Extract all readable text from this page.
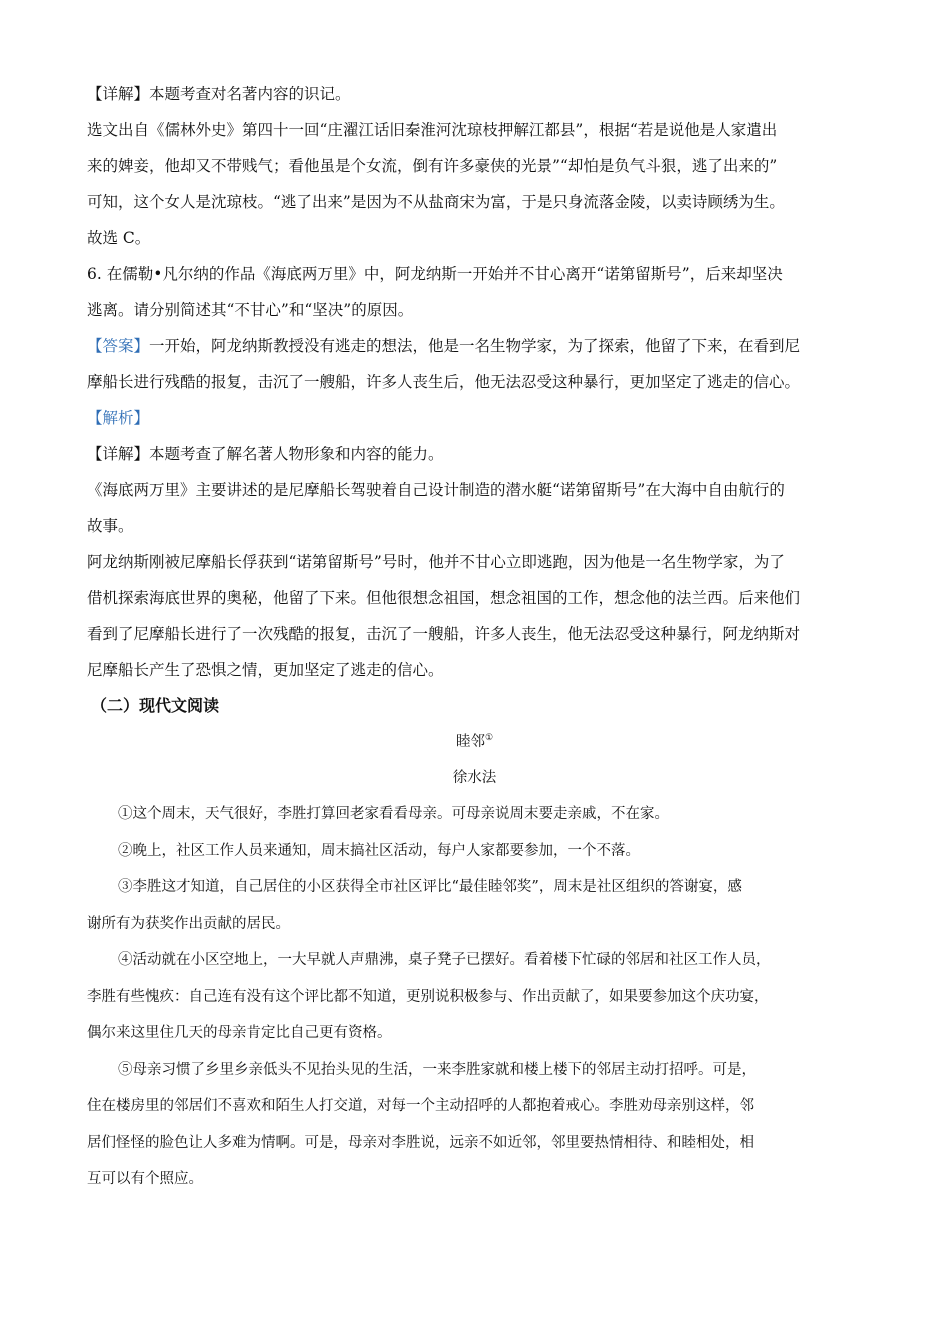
【详解】本题考查对名著内容的识记。
选文出自《儒林外史》第四十一回“庄濯江话旧秦淮河沈琼枝押解江都县”，根据“若是说他是人家遣出
来的婢妾，他却又不带贱气；看他虽是个女流，倒有许多豪侠的光景”“却怕是负气斗狠，逃了出来的”
可知，这个女人是沈琼枝。“逃了出来”是因为不从盐商宋为富，于是只身流落金陵，以卖诗顾绣为生。
故选 C。
6. 在儒勒•凡尔纳的作品《海底两万里》中，阿龙纳斯一开始并不甘心离开“诺第留斯号”，后来却坚决
逃离。请分别简述其“不甘心”和“坚决”的原因。
【答案】一开始，阿龙纳斯教授没有逃走的想法，他是一名生物学家，为了探索，他留了下来，在看到尼
摩船长进行残酷的报复，击沉了一艘船，许多人丧生后，他无法忍受这种暴行，更加坚定了逃走的信心。
【解析】
【详解】本题考查了解名著人物形象和内容的能力。
《海底两万里》主要讲述的是尼摩船长驾驶着自己设计制造的潜水艇“诺第留斯号”在大海中自由航行的
故事。
阿龙纳斯刚被尼摩船长俘获到“诺第留斯号”号时，他并不甘心立即逃跑，因为他是一名生物学家，为了
借机探索海底世界的奥秘，他留了下来。但他很想念祖国，想念祖国的工作，想念他的法兰西。后来他们
看到了尼摩船长进行了一次残酷的报复，击沉了一艘船，许多人丧生，他无法忍受这种暴行，阿龙纳斯对
尼摩船长产生了恐惧之情，更加坚定了逃走的信心。
（二）现代文阅读
睦邻①
徐水法
①这个周末，天气很好，李胜打算回老家看看母亲。可母亲说周末要走亲戚，不在家。
②晚上，社区工作人员来通知，周末搞社区活动，每户人家都要参加，一个不落。
③李胜这才知道，自己居住的小区获得全市社区评比“最佳睦邻奖”，周末是社区组织的答谢宴，感
谢所有为获奖作出贡献的居民。
④活动就在小区空地上，一大早就人声鼎沸，桌子凳子已摆好。看着楼下忙碌的邻居和社区工作人员，
李胜有些愧疚：自己连有没有这个评比都不知道，更别说积极参与、作出贡献了，如果要参加这个庆功宴，
偶尔来这里住几天的母亲肯定比自己更有资格。
⑤母亲习惯了乡里乡亲低头不见抬头见的生活，一来李胜家就和楼上楼下的邻居主动打招呼。可是，
住在楼房里的邻居们不喜欢和陌生人打交道，对每一个主动招呼的人都抱着戒心。李胜劝母亲别这样，邻
居们怪怪的脸色让人多难为情啊。可是，母亲对李胜说，远亲不如近邻，邻里要热情相待、和睦相处，相
互可以有个照应。
